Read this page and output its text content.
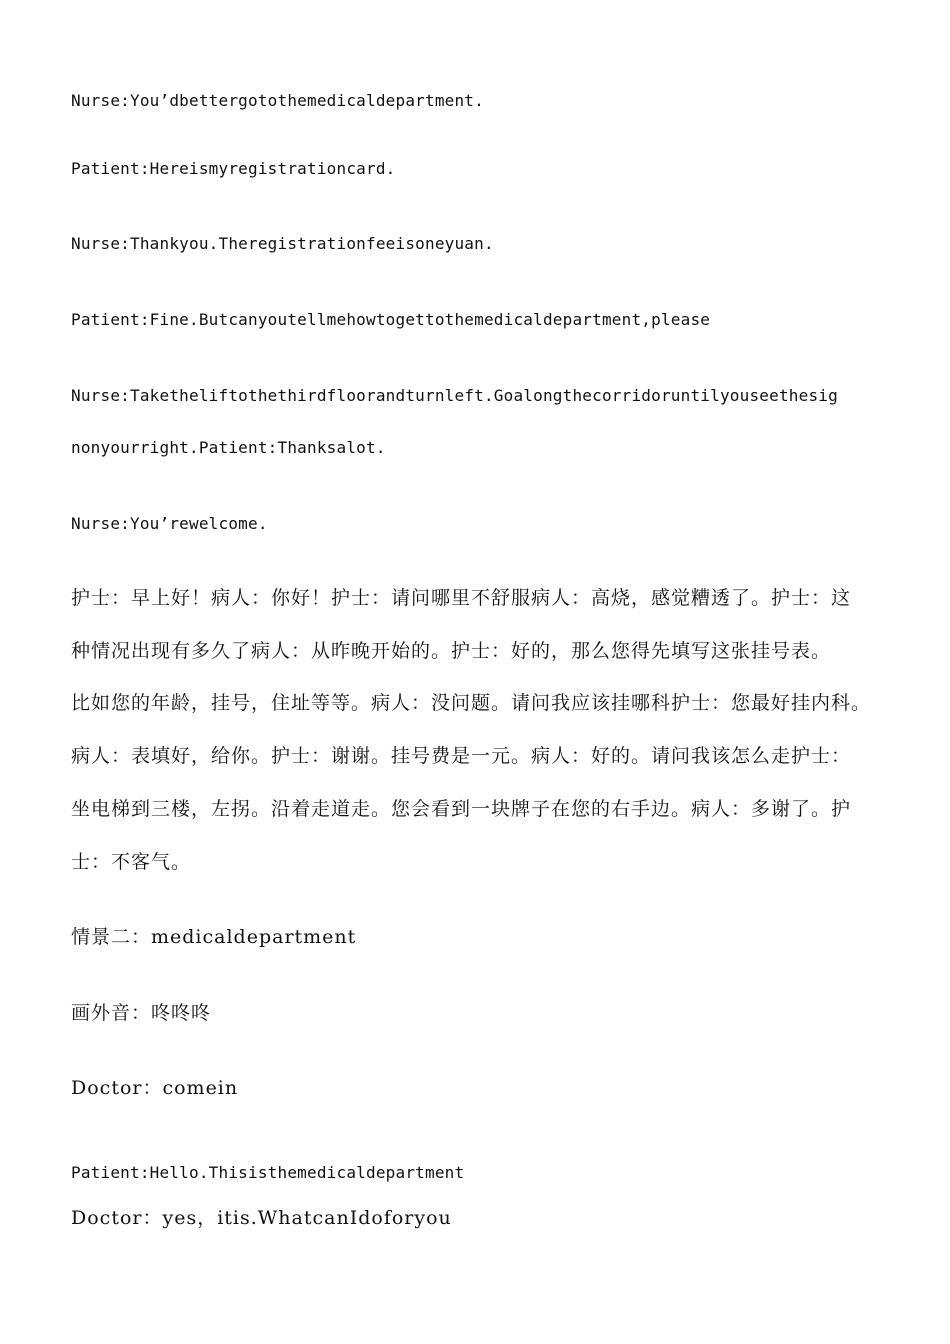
Nurse:You’dbettergotothemedicaldepartment.

Patient:Hereismyregistrationcard.

Nurse:Thankyou.Theregistrationfeeisoneyuan.

Patient:Fine.Butcanyoutellmehowtogettothemedicaldepartment,please

Nurse:Taketheliftothethirdfloorandturnleft.Goalongthecorridoruntilyouseethesig

nonyourright.Patient:Thanksalot.

Nurse:You’rewelcome.

护士：早上好！病人：你好！护士：请问哪里不舒服病人：高烧，感觉糟透了。护士：这

种情况出现有多久了病人：从昨晚开始的。护士：好的，那么您得先填写这张挂号表。

比如您的年龄，挂号，住址等等。病人：没问题。请问我应该挂哪科护士：您最好挂内科。

病人：表填好，给你。护士：谢谢。挂号费是一元。病人：好的。请问我该怎么走护士：

坐电梯到三楼，左拐。沿着走道走。您会看到一块牌子在您的右手边。病人：多谢了。护

士：不客气。

情景二：medicaldepartment

画外音：咚咚咚

Doctor：comein

Patient:Hello.Thisisthemedicaldepartment

Doctor：yes，itis.WhatcanIdoforyou
